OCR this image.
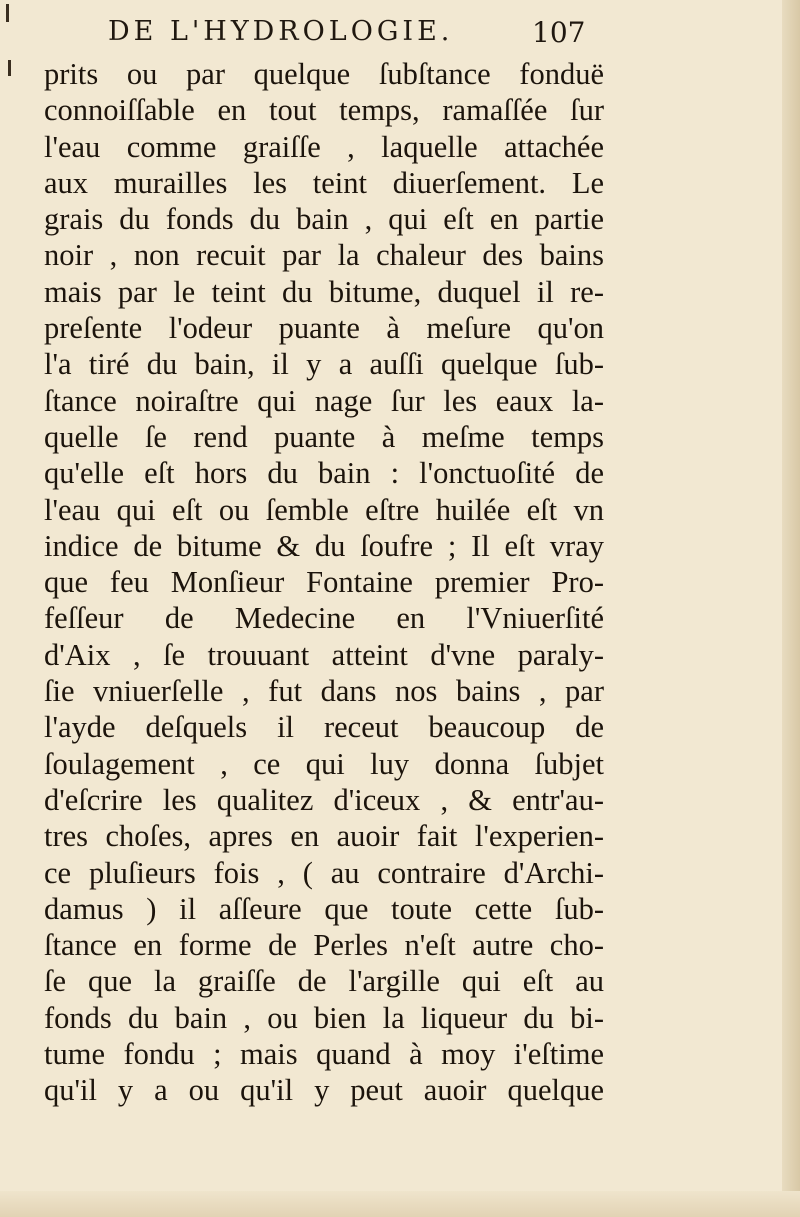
DE L'HYDROLOGIE.	107
prits ou par quelque ſubſtance fonduë
connoiſſable en tout temps, ramaſſée ſur
l'eau comme graiſſe , laquelle attachée
aux murailles les teint diuerſement. Le
grais du fonds du bain , qui eſt en partie
noir , non recuit par la chaleur des bains
mais par le teint du bitume, duquel il re-
preſente l'odeur puante à meſure qu'on
l'a tiré du bain, il y a auſſi quelque ſub-
ſtance noiraſtre qui nage ſur les eaux la-
quelle ſe rend puante à meſme temps
qu'elle eſt hors du bain : l'onctuoſité de
l'eau qui eſt ou ſemble eſtre huilée eſt vn
indice de bitume & du ſoufre ; Il eſt vray
que feu Monſieur Fontaine premier Pro-
feſſeur de Medecine en l'Vniuerſité
d'Aix , ſe trouuant atteint d'vne paraly-
ſie vniuerſelle , fut dans nos bains , par
l'ayde deſquels il receut beaucoup de
ſoulagement , ce qui luy donna ſubjet
d'eſcrire les qualitez d'iceux , & entr'au-
tres choſes, apres en auoir fait l'experien-
ce pluſieurs fois , ( au contraire d'Archi-
damus ) il aſſeure que toute cette ſub-
ſtance en forme de Perles n'eſt autre cho-
ſe que la graiſſe de l'argille qui eſt au
fonds du bain , ou bien la liqueur du bi-
tume fondu ; mais quand à moy i'eſtime
qu'il y a ou qu'il y peut auoir quelque
